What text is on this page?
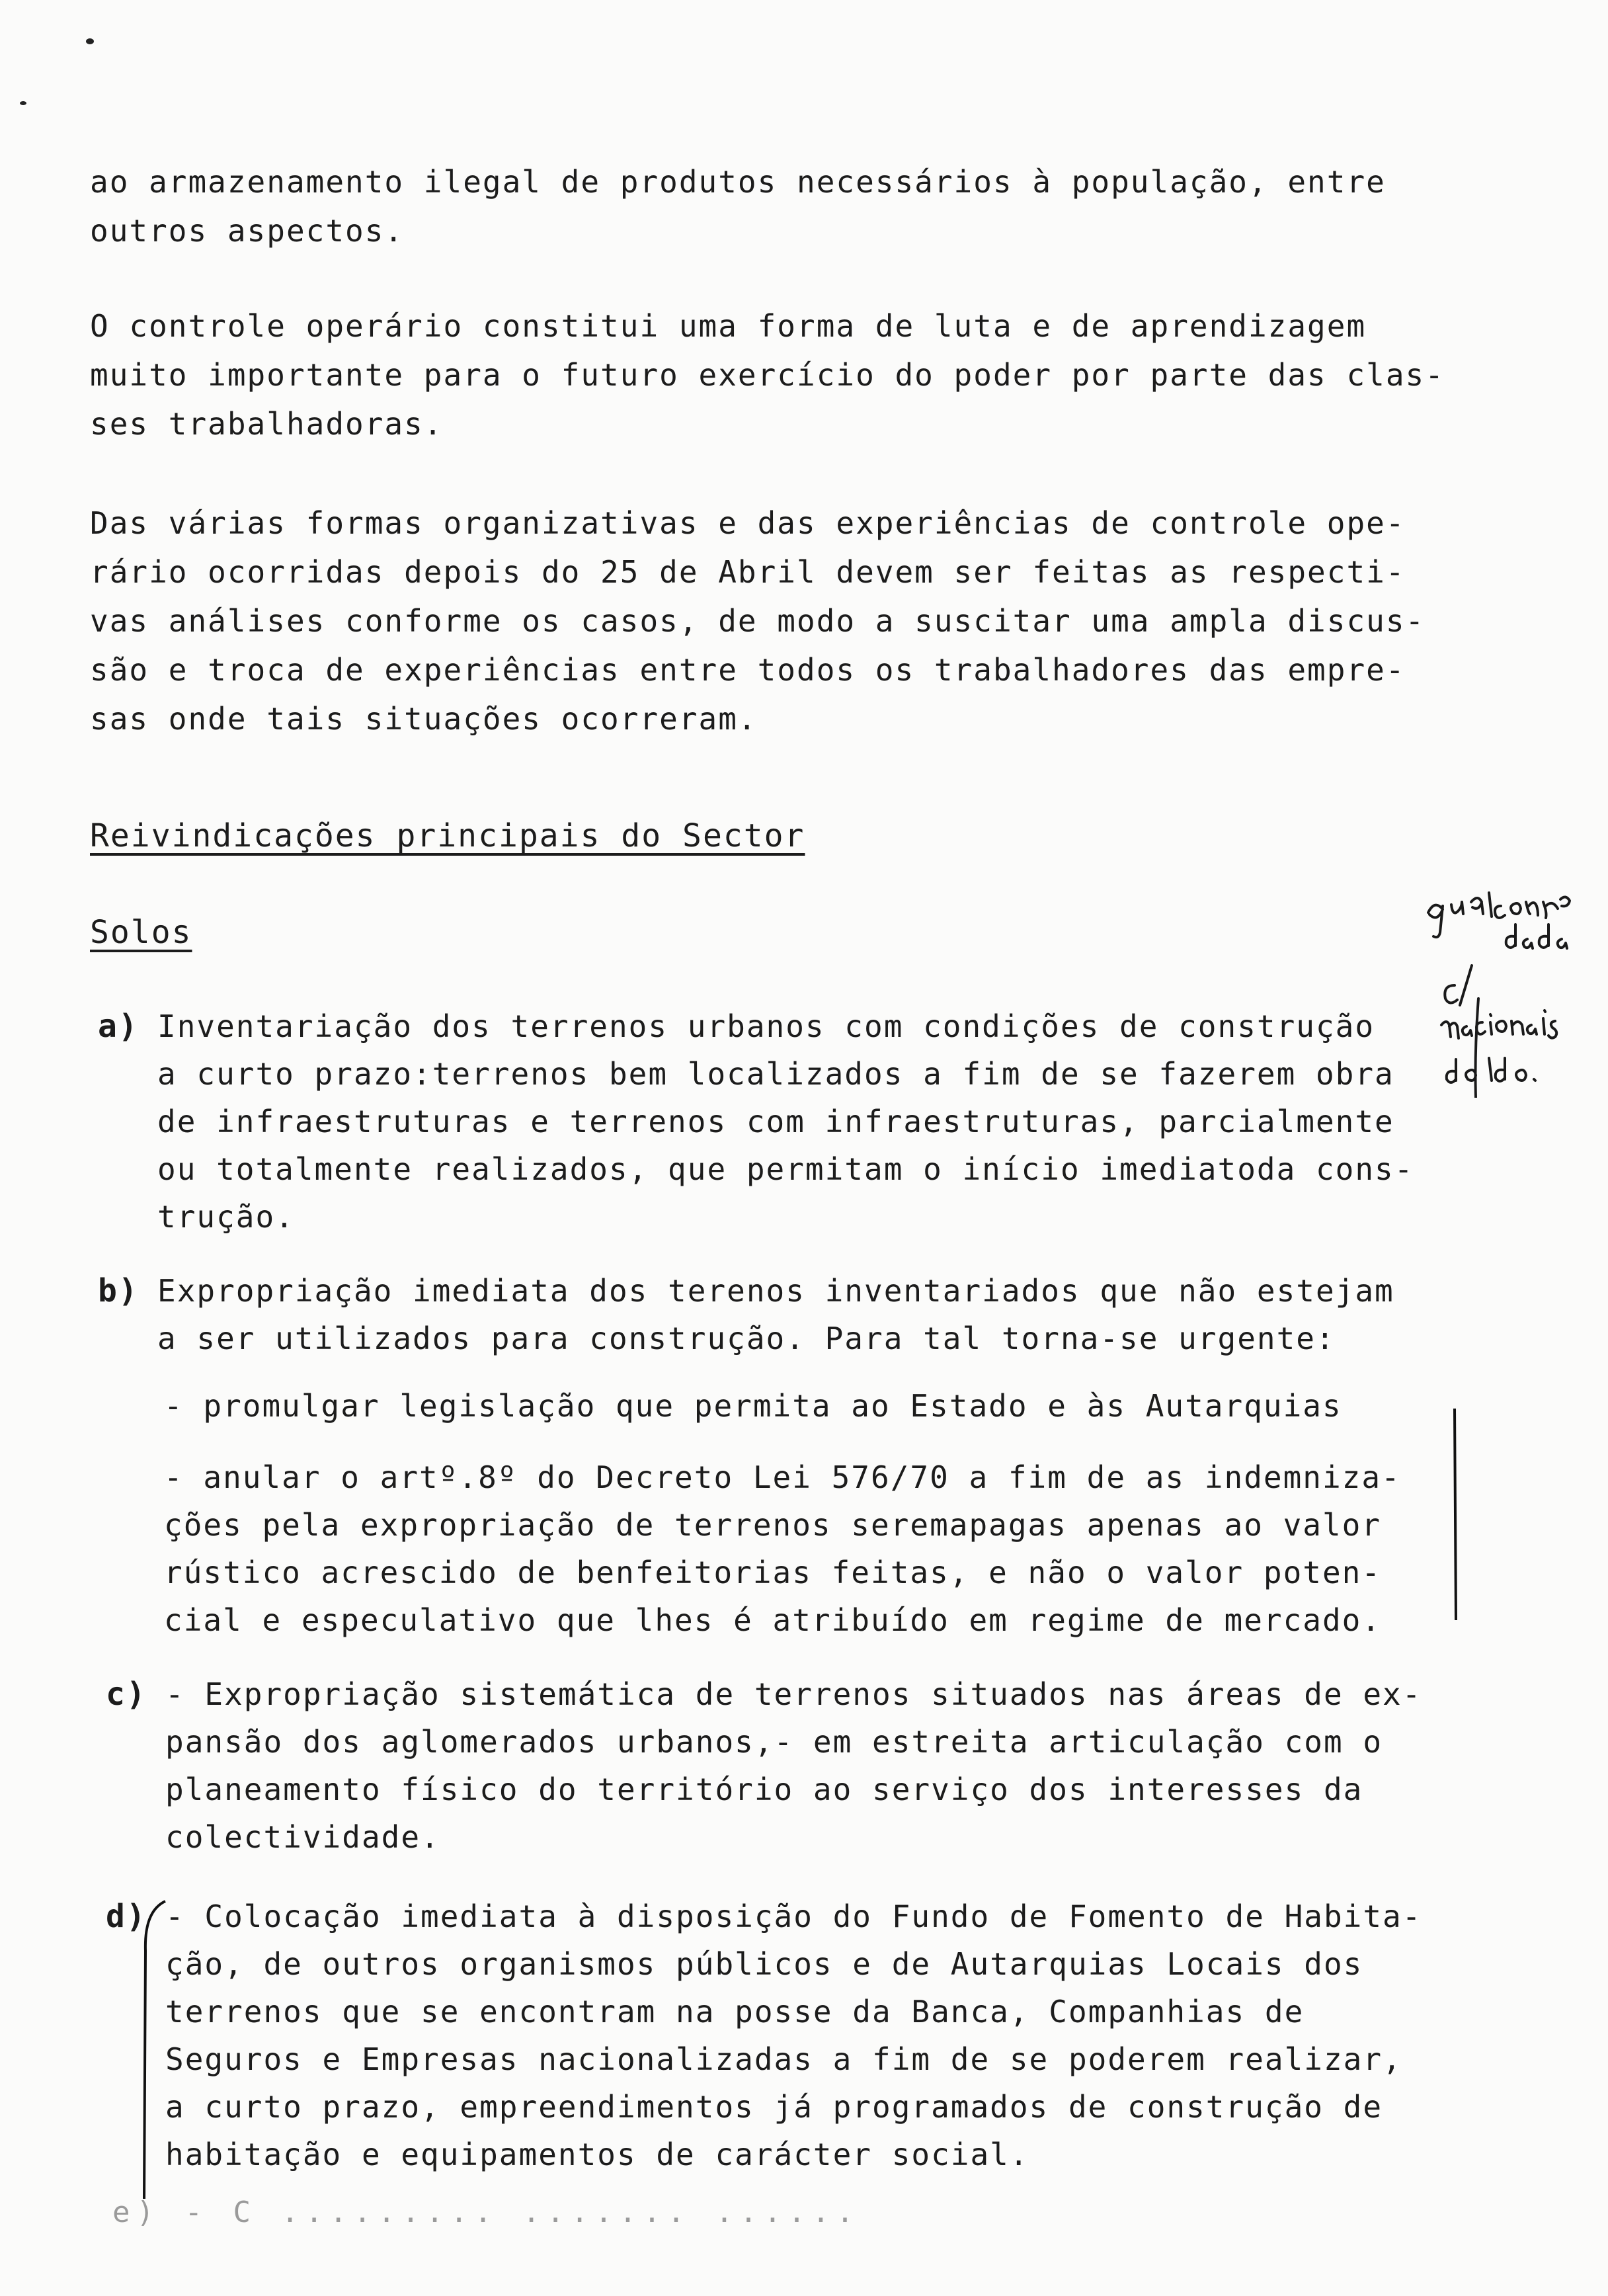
ao armazenamento ilegal de produtos necessários à população, entre
outros aspectos.
O controle operário constitui uma forma de luta e de aprendizagem
muito importante para o futuro exercício do poder por parte das clas-
ses trabalhadoras.
Das várias formas organizativas e das experiências de controle ope-
rário ocorridas depois do 25 de Abril devem ser feitas as respecti-
vas análises conforme os casos, de modo a suscitar uma ampla discus-
são e troca de experiências entre todos os trabalhadores das empre-
sas onde tais situações ocorreram.
Reivindicações principais do Sector
Solos

a) Inventariação dos terrenos urbanos com condições de construção
a curto prazo:terrenos bem localizados a fim de se fazerem obra
de infraestruturas e terrenos com infraestruturas, parcialmente
ou totalmente realizados, que permitam o início imediatoda cons-
trução.

b) Expropriação imediata dos terenos inventariados que não estejam
a ser utilizados para construção. Para tal torna-se urgente:

- promulgar legislação que permita ao Estado e às Autarquias
- anular o artº.8º do Decreto Lei 576/70 a fim de as indemniza-
ções pela expropriação de terrenos seremapagas apenas ao valor
rústico acrescido de benfeitorias feitas, e não o valor poten-
cial e especulativo que lhes é atribuído em regime de mercado.

c) - Expropriação sistemática de terrenos situados nas áreas de ex-
pansão dos aglomerados urbanos,- em estreita articulação com o
planeamento físico do território ao serviço dos interesses da
colectividade.

d) - Colocação imediata à disposição do Fundo de Fomento de Habita-
ção, de outros organismos públicos e de Autarquias Locais dos
terrenos que se encontram na posse da Banca, Companhias de
Seguros e Empresas nacionalizadas a fim de se poderem realizar,
a curto prazo, empreendimentos já programados de construção de
habitação e equipamentos de carácter social.

e) - C ......... ....... ......
